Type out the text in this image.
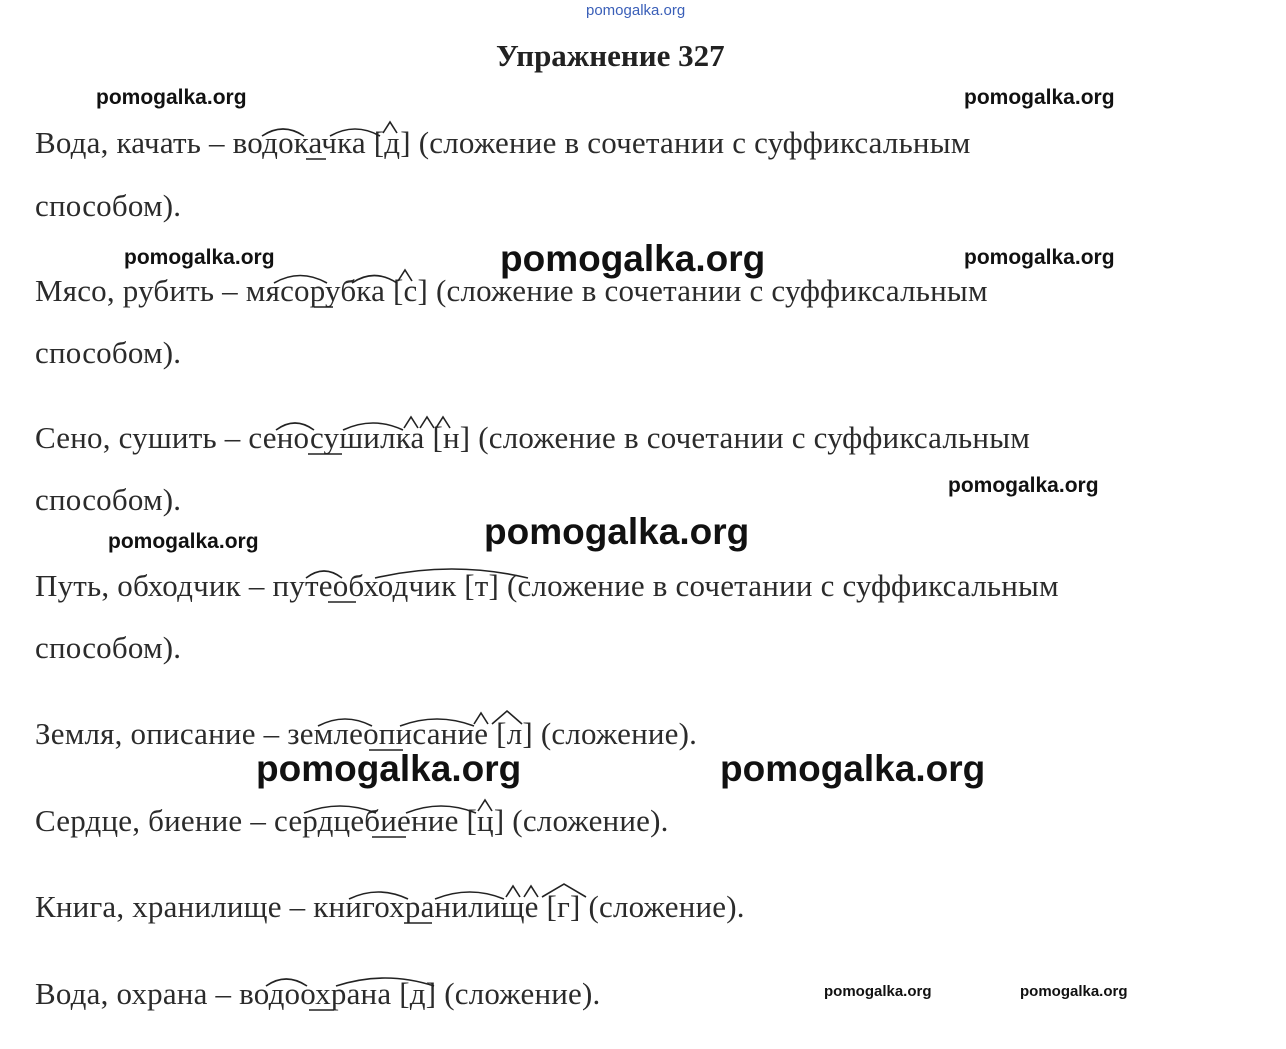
pomogalka.org
Упражнение 327
pomogalka.org	pomogalka.org
Вода, качать – водокачка [д] (сложение в сочетании с суффиксальным
способом).
pomogalka.org	pomogalka.org	pomogalka.org
Мясо, рубить – мясорубка [с] (сложение в сочетании с суффиксальным
способом).
Сено, сушить – сеносушилка [н] (сложение в сочетании с суффиксальным
способом).	pomogalka.org
pomogalka.org
pomogalka.org
Путь, обходчик – путеобходчик [т] (сложение в сочетании с суффиксальным
способом).
Земля, описание – землеописание [л] (сложение).
pomogalka.org	pomogalka.org
Сердце, биение – сердцебиение [ц] (сложение).
Книга, хранилище – книгохранилище [г] (сложение).
Вода, охрана – водоохрана [д] (сложение).	pomogalka.org	pomogalka.org
